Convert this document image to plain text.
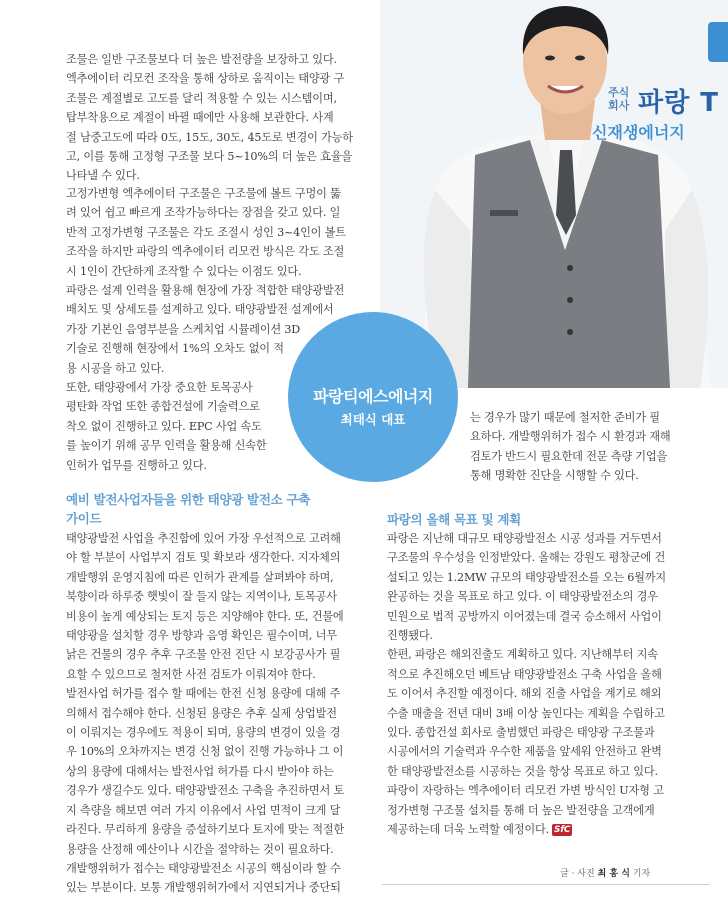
조물은 일반 구조물보다 더 높은 발전량을 보장하고 있다.
엑추에이터 리모컨 조작을 통해 상하로 움직이는 태양광 구
조물은 계절별로 고도를 달리 적용할 수 있는 시스템이며,
탑부착용으로 계절이 바뀔 때에만 사용해 보관한다. 사계
절 남중고도에 따라 0도, 15도, 30도, 45도로 변경이 가능하
고, 이를 통해 고정형 구조물 보다 5~10%의 더 높은 효율을
나타낼 수 있다.

고정가변형 엑추에이터 구조물은 구조물에 볼트 구멍이 뚫
려 있어 쉽고 빠르게 조작가능하다는 장점을 갖고 있다. 일
반적 고정가변형 구조물은 각도 조절시 성인 3~4인이 볼트
조작을 하지만 파랑의 엑추에이터 리모컨 방식은 각도 조절
시 1인이 간단하게 조작할 수 있다는 이점도 있다.
파랑은 설계 인력을 활용해 현장에 가장 적합한 태양광발전
배치도 및 상세도를 설계하고 있다. 태양광발전 설계에서
가장 기본인 음영부분을 스케치업 시뮬레이션 3D
기술로 진행해 현장에서 1%의 오차도 없이 적
용 시공을 하고 있다.
또한, 태양광에서 가장 중요한 토목공사
평탄화 작업 또한 종합건설에 기술력으로
착오 없이 진행하고 있다. EPC 사업 속도
를 높이기 위해 공무 인력을 활용해 신속한
인허가 업무를 진행하고 있다.

예비 발전사업자들을 위한 태양광 발전소 구축
가이드

태양광발전 사업을 추진함에 있어 가장 우선적으로 고려해
야 할 부분이 사업부지 검토 및 확보라 생각한다. 지자체의
개발행위 운영지침에 따른 인허가 관계를 살펴봐야 하며,
북향이라 하루중 햇빛이 잘 들지 않는 지역이나, 토목공사
비용이 높게 예상되는 토지 등은 지양해야 한다. 또, 건물에
태양광을 설치할 경우 방향과 음영 확인은 필수이며, 너무
낡은 건물의 경우 추후 구조물 안전 진단 시 보강공사가 필
요할 수 있으므로 철저한 사전 검토가 이뤄져야 한다.
발전사업 허가를 접수 할 때에는 한전 신청 용량에 대해 주
의해서 접수해야 한다. 신청된 용량은 추후 실제 상업발전
이 이뤄지는 경우에도 적용이 되며, 용량의 변경이 있을 경
우 10%의 오차까지는 변경 신청 없이 진행 가능하나 그 이
상의 용량에 대해서는 발전사업 허가를 다시 받아야 하는
경우가 생길수도 있다. 태양광발전소 구축을 추진하면서 토
지 측량을 해보면 여러 가지 이유에서 사업 면적이 크게 달
라진다. 무리하게 용량을 증설하기보다 토지에 맞는 적절한
용량을 산정해 예산이나 시간을 절약하는 것이 필요하다.
개발행위허가 접수는 태양광발전소 시공의 핵심이라 할 수
있는 부분이다. 보통 개발행위허가에서 지연되거나 중단되

주식
회사 파랑 T
신재생에너지
파랑티에스에너지
최태식 대표	는 경우가 많기 때문에 철저한 준비가 필
요하다. 개발행위허가 접수 시 환경과 재해
검토가 반드시 필요한데 전문 측량 기업을
통해 명확한 진단을 시행할 수 있다.

파랑의 올해 목표 및 계획

파랑은 지난해 대규모 태양광발전소 시공 성과를 거두면서
구조물의 우수성을 인정받았다. 올해는 강원도 평창군에 건
설되고 있는 1.2MW 규모의 태양광발전소를 오는 6월까지
완공하는 것을 목표로 하고 있다. 이 태양광발전소의 경우
민원으로 법적 공방까지 이어졌는데 결국 승소해서 사업이
진행됐다.
한편, 파랑은 해외진출도 계획하고 있다. 지난해부터 지속
적으로 추진해오던 베트남 태양광발전소 구축 사업을 올해
도 이어서 추진할 예정이다. 해외 진출 사업을 계기로 해외
수출 매출을 전년 대비 3배 이상 높인다는 계획을 수립하고
있다. 종합건설 회사로 출범했던 파랑은 태양광 구조물과
시공에서의 기술력과 우수한 제품을 앞세워 안전하고 완벽
한 태양광발전소를 시공하는 것을 항상 목표로 하고 있다.
파랑이 자랑하는 엑추에이터 리모컨 가변 방식인 U자형 고
정가변형 구조물 설치를 통해 더 높은 발전량을 고객에게
제공하는데 더욱 노력할 예정이다. SfC

글 · 사진 최 홍 식 기자
